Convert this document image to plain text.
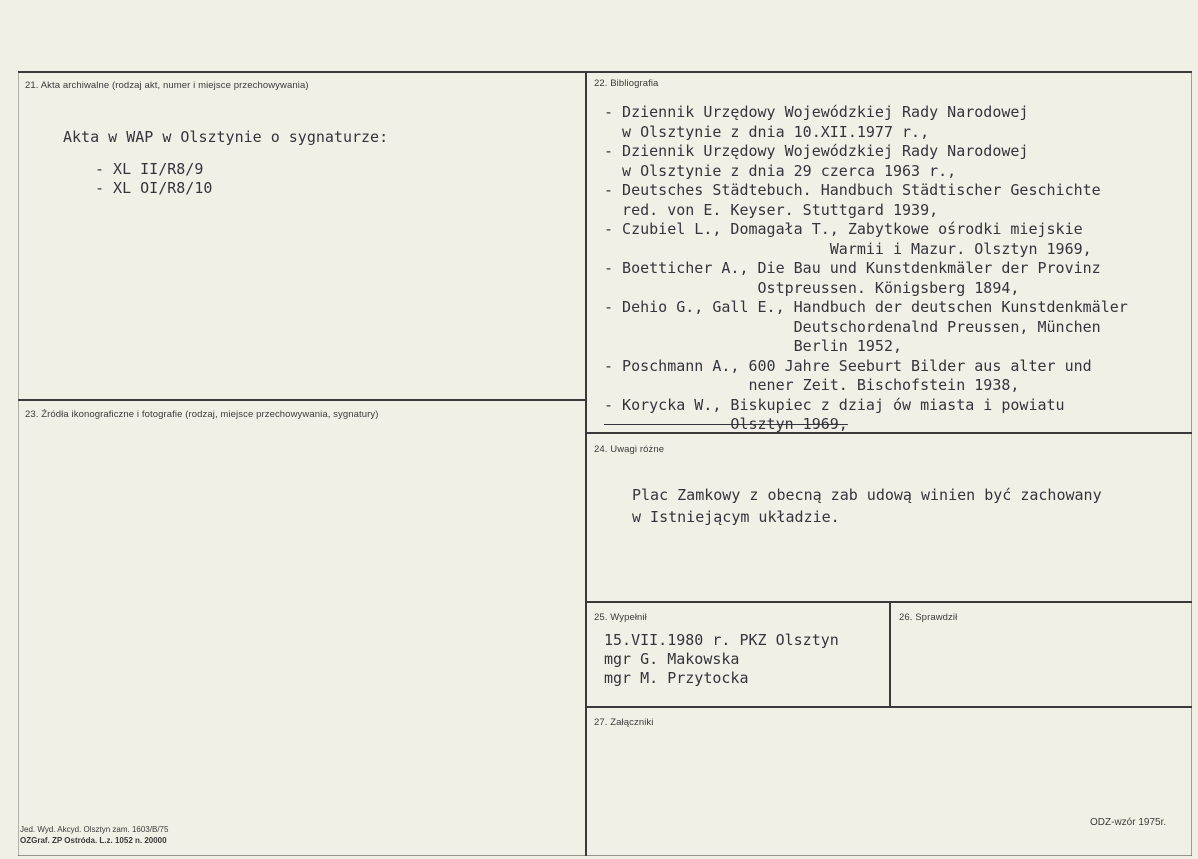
21. Akta archiwalne (rodzaj akt, numer i miejsce przechowywania)
Akta w WAP w Olsztynie o sygnaturze:
- XL II/R8/9
- XL OI/R8/10
22. Bibliografia
- Dziennik Urzędowy Wojewódzkiej Rady Narodowej
w Olsztynie z dnia 10.XII.1977 r.,
- Dziennik Urzędowy Wojewódzkiej Rady Narodowej
w Olsztynie z dnia 29 czerca 1963 r.,
- Deutsches Städtebuch. Handbuch Städtischer Geschichte
red. von E. Keyser. Stuttgard 1939,
- Czubiel L., Domagała T., Zabytkowe ośrodki miejskie
Warmii i Mazur. Olsztyn 1969,
- Boetticher A., Die Bau und Kunstdenkmäler der Provinz
Ostpreussen. Königsberg 1894,
- Dehio G., Gall E., Handbuch der deutschen Kunstdenkmäler
Deutschordenalnd Preussen, München
Berlin 1952,
- Poschmann A., 600 Jahre Seeburt Bilder aus alter und
nener Zeit. Bischofstein 1938,
- Korycka W., Biskupiec z dziaj ów miasta i powiatu
Olsztyn 1969,
23. Źródła ikonograficzne i fotografie (rodzaj, miejsce przechowywania, sygnatury)
24. Uwagi różne
Plac Zamkowy z obecną zab udową winien być zachowany
w Istniejącym układzie.
25. Wypełnił
15.VII.1980 r. PKZ Olsztyn
mgr G. Makowska
mgr M. Przytocka
26. Sprawdził
27. Załączniki
Jed. Wyd. Akcyd. Olsztyn zam. 1603/B/75
OZGraf. ZP Ostróda. L.z. 1052 n. 20000
ODZ-wzór 1975r.
